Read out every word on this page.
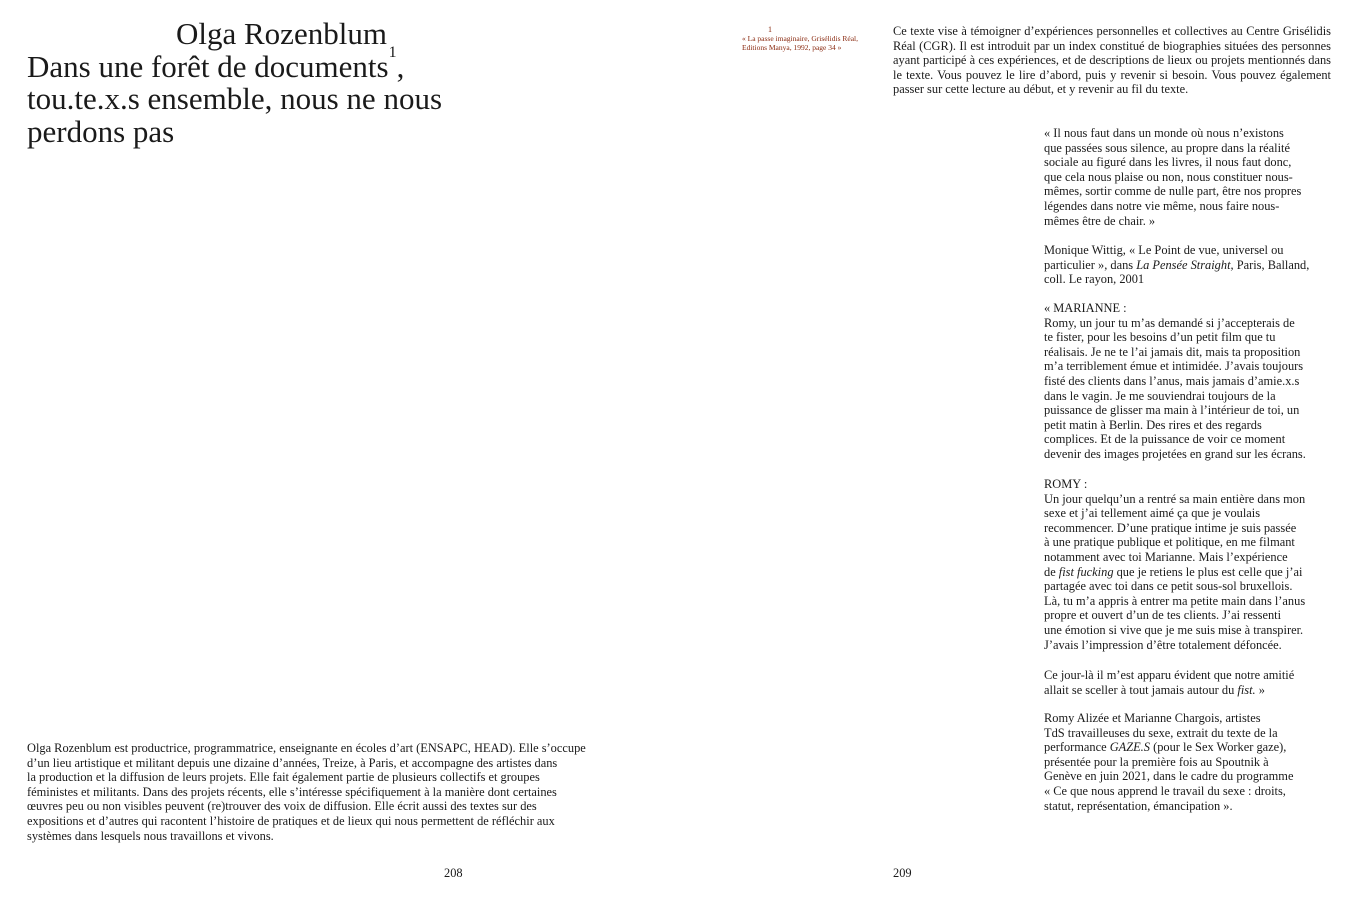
Olga Rozenblum
Dans une forêt de documents$^1$,
tou.te.x.s ensemble, nous ne nous
perdons pas
Olga Rozenblum est productrice, programmatrice, enseignante en écoles d’art (ENSAPC, HEAD). Elle s’occupe
d’un lieu artistique et militant depuis une dizaine d’années, Treize, à Paris, et accompagne des artistes dans
la production et la diffusion de leurs projets. Elle fait également partie de plusieurs collectifs et groupes
féministes et militants. Dans des projets récents, elle s’intéresse spécifiquement à la manière dont certaines
œuvres peu ou non visibles peuvent (re)trouver des voix de diffusion. Elle écrit aussi des textes sur des
expositions et d’autres qui racontent l’histoire de pratiques et de lieux qui nous permettent de réfléchir aux
systèmes dans lesquels nous travaillons et vivons.
208
1
« La passe imaginaire, Grisélidis Réal,
Editions Manya, 1992, page 34 »
Ce texte vise à témoigner d’expériences personnelles et collectives au Centre Grisélidis Réal (CGR). Il est introduit par un index constitué de biographies situées des personnes ayant participé à ces expériences, et de descriptions de lieux ou projets mentionnés dans le texte. Vous pouvez le lire d’abord, puis y revenir si besoin. Vous pouvez également passer sur cette lecture au début, et y revenir au fil du texte.
« Il nous faut dans un monde où nous n’existons
que passées sous silence, au propre dans la réalité
sociale au figuré dans les livres, il nous faut donc,
que cela nous plaise ou non, nous constituer nous-
mêmes, sortir comme de nulle part, être nos propres
légendes dans notre vie même, nous faire nous-
mêmes être de chair. »
Monique Wittig, « Le Point de vue, universel ou
particulier », dans La Pensée Straight, Paris, Balland,
coll. Le rayon, 2001
« MARIANNE :
Romy, un jour tu m’as demandé si j’accepterais de
te fister, pour les besoins d’un petit film que tu
réalisais. Je ne te l’ai jamais dit, mais ta proposition
m’a terriblement émue et intimidée. J’avais toujours
fisté des clients dans l’anus, mais jamais d’amie.x.s
dans le vagin. Je me souviendrai toujours de la
puissance de glisser ma main à l’intérieur de toi, un
petit matin à Berlin. Des rires et des regards
complices. Et de la puissance de voir ce moment
devenir des images projetées en grand sur les écrans.
ROMY :
Un jour quelqu’un a rentré sa main entière dans mon
sexe et j’ai tellement aimé ça que je voulais
recommencer. D’une pratique intime je suis passée
à une pratique publique et politique, en me filmant
notamment avec toi Marianne. Mais l’expérience
de fist fucking que je retiens le plus est celle que j’ai
partagée avec toi dans ce petit sous-sol bruxellois.
Là, tu m’a appris à entrer ma petite main dans l’anus
propre et ouvert d’un de tes clients. J’ai ressenti
une émotion si vive que je me suis mise à transpirer.
J’avais l’impression d’être totalement défoncée.
Ce jour-là il m’est apparu évident que notre amitié
allait se sceller à tout jamais autour du fist. »
Romy Alizée et Marianne Chargois, artistes
TdS travailleuses du sexe, extrait du texte de la
performance GAZE.S (pour le Sex Worker gaze),
présentée pour la première fois au Spoutnik à
Genève en juin 2021, dans le cadre du programme
« Ce que nous apprend le travail du sexe : droits,
statut, représentation, émancipation ».
209
